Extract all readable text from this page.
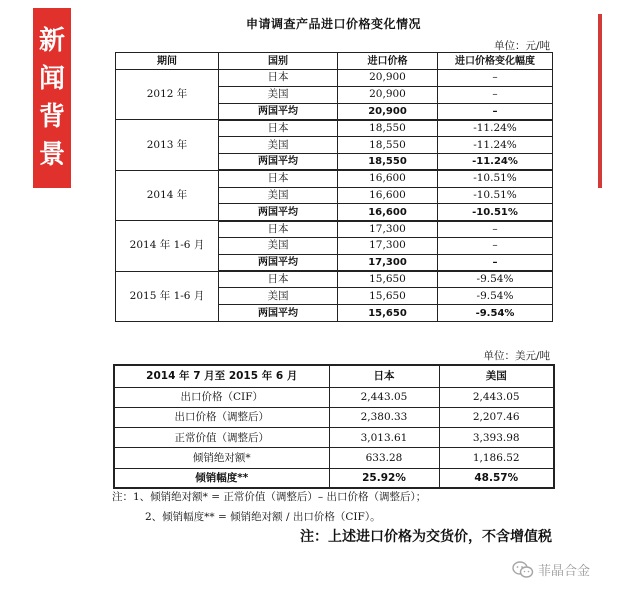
新
闻
背
景
申请调查产品进口价格变化情况
单位：元/吨
期间	国别	进口价格	进口价格变化幅度
2012 年	日本	20,900	–
	美国	20,900	–
	两国平均	20,900	–
2013 年	日本	18,550	-11.24%
	美国	18,550	-11.24%
	两国平均	18,550	-11.24%
2014 年	日本	16,600	-10.51%
	美国	16,600	-10.51%
	两国平均	16,600	-10.51%
2014 年 1-6 月	日本	17,300	–
	美国	17,300	–
	两国平均	17,300	–
2015 年 1-6 月	日本	15,650	-9.54%
	美国	15,650	-9.54%
	两国平均	15,650	-9.54%
单位：美元/吨
2014 年 7 月至 2015 年 6 月	日本	美国
出口价格（CIF）	2,443.05	2,443.05
出口价格（调整后）	2,380.33	2,207.46
正常价值（调整后）	3,013.61	3,393.98
倾销绝对额*	633.28	1,186.52
倾销幅度**	25.92%	48.57%
注：1、倾销绝对额* = 正常价值（调整后）– 出口价格（调整后）；
2、倾销幅度** = 倾销绝对额 / 出口价格（CIF）。
注：上述进口价格为交货价，不含增值税
菲晶合金
